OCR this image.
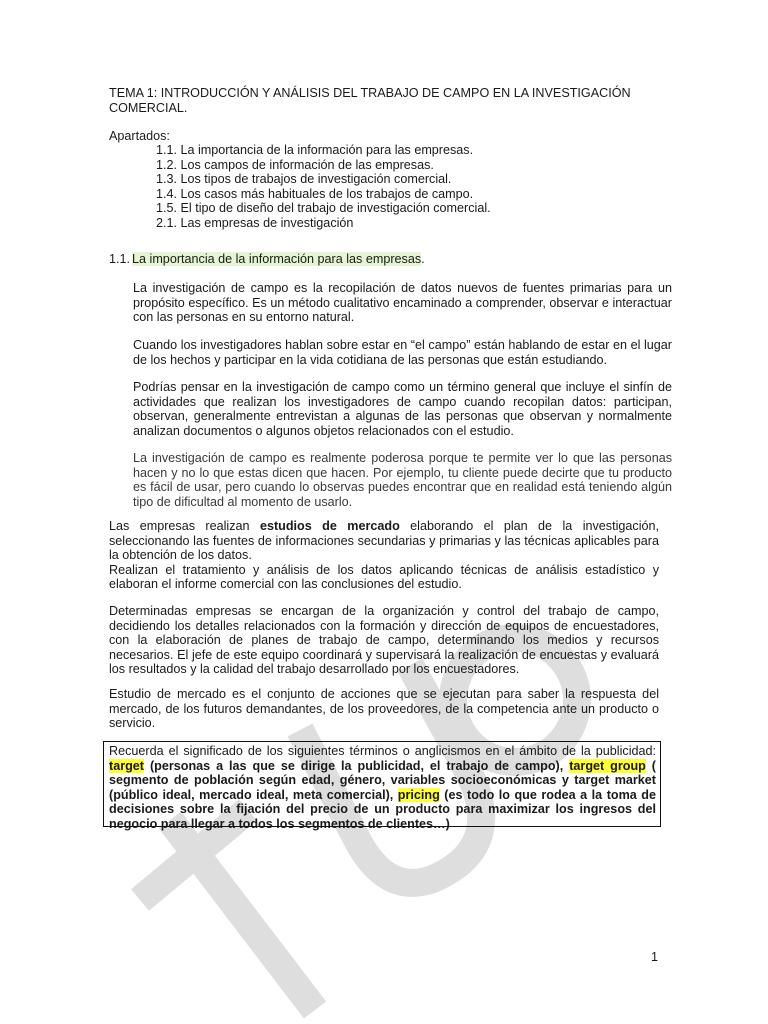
TEMA 1: INTRODUCCIÓN Y ANÁLISIS DEL TRABAJO DE CAMPO EN LA INVESTIGACIÓN COMERCIAL.

Apartados:

1.1. La importancia de la información para las empresas.
1.2. Los campos de información de las empresas.
1.3. Los tipos de trabajos de investigación comercial.
1.4. Los casos más habituales de los trabajos de campo.
1.5. El tipo de diseño del trabajo de investigación comercial.
2.1. Las empresas de investigación

1.1. La importancia de la información para las empresas.

La investigación de campo es la recopilación de datos nuevos de fuentes primarias para un propósito específico. Es un método cualitativo encaminado a comprender, observar e interactuar con las personas en su entorno natural.

Cuando los investigadores hablan sobre estar en “el campo” están hablando de estar en el lugar de los hechos y participar en la vida cotidiana de las personas que están estudiando.

Podrías pensar en la investigación de campo como un término general que incluye el sinfín de actividades que realizan los investigadores de campo cuando recopilan datos: participan, observan, generalmente entrevistan a algunas de las personas que observan y normalmente analizan documentos o algunos objetos relacionados con el estudio.

La investigación de campo es realmente poderosa porque te permite ver lo que las personas hacen y no lo que estas dicen que hacen. Por ejemplo, tu cliente puede decirte que tu producto es fácil de usar, pero cuando lo observas puedes encontrar que en realidad está teniendo algún tipo de dificultad al momento de usarlo.

Las empresas realizan estudios de mercado elaborando el plan de la investigación, seleccionando las fuentes de informaciones secundarias y primarias y las técnicas aplicables para la obtención de los datos.

Realizan el tratamiento y análisis de los datos aplicando técnicas de análisis estadístico y elaboran el informe comercial con las conclusiones del estudio.

Determinadas empresas se encargan de la organización y control del trabajo de campo, decidiendo los detalles relacionados con la formación y dirección de equipos de encuestadores, con la elaboración de planes de trabajo de campo, determinando los medios y recursos necesarios. El jefe de este equipo coordinará y supervisará la realización de encuestas y evaluará los resultados y la calidad del trabajo desarrollado por los encuestadores.

Estudio de mercado es el conjunto de acciones que se ejecutan para saber la respuesta del mercado, de los futuros demandantes, de los proveedores, de la competencia ante un producto o servicio.

Recuerda el significado de los siguientes términos o anglicismos en el ámbito de la publicidad: target (personas a las que se dirige la publicidad, el trabajo de campo), target group ( segmento de población según edad, género, variables socioeconómicas y target market (público ideal, mercado ideal, meta comercial), pricing (es todo lo que rodea a la toma de decisiones sobre la fijación del precio de un producto para maximizar los ingresos del negocio para llegar a todos los segmentos de clientes…)

1
